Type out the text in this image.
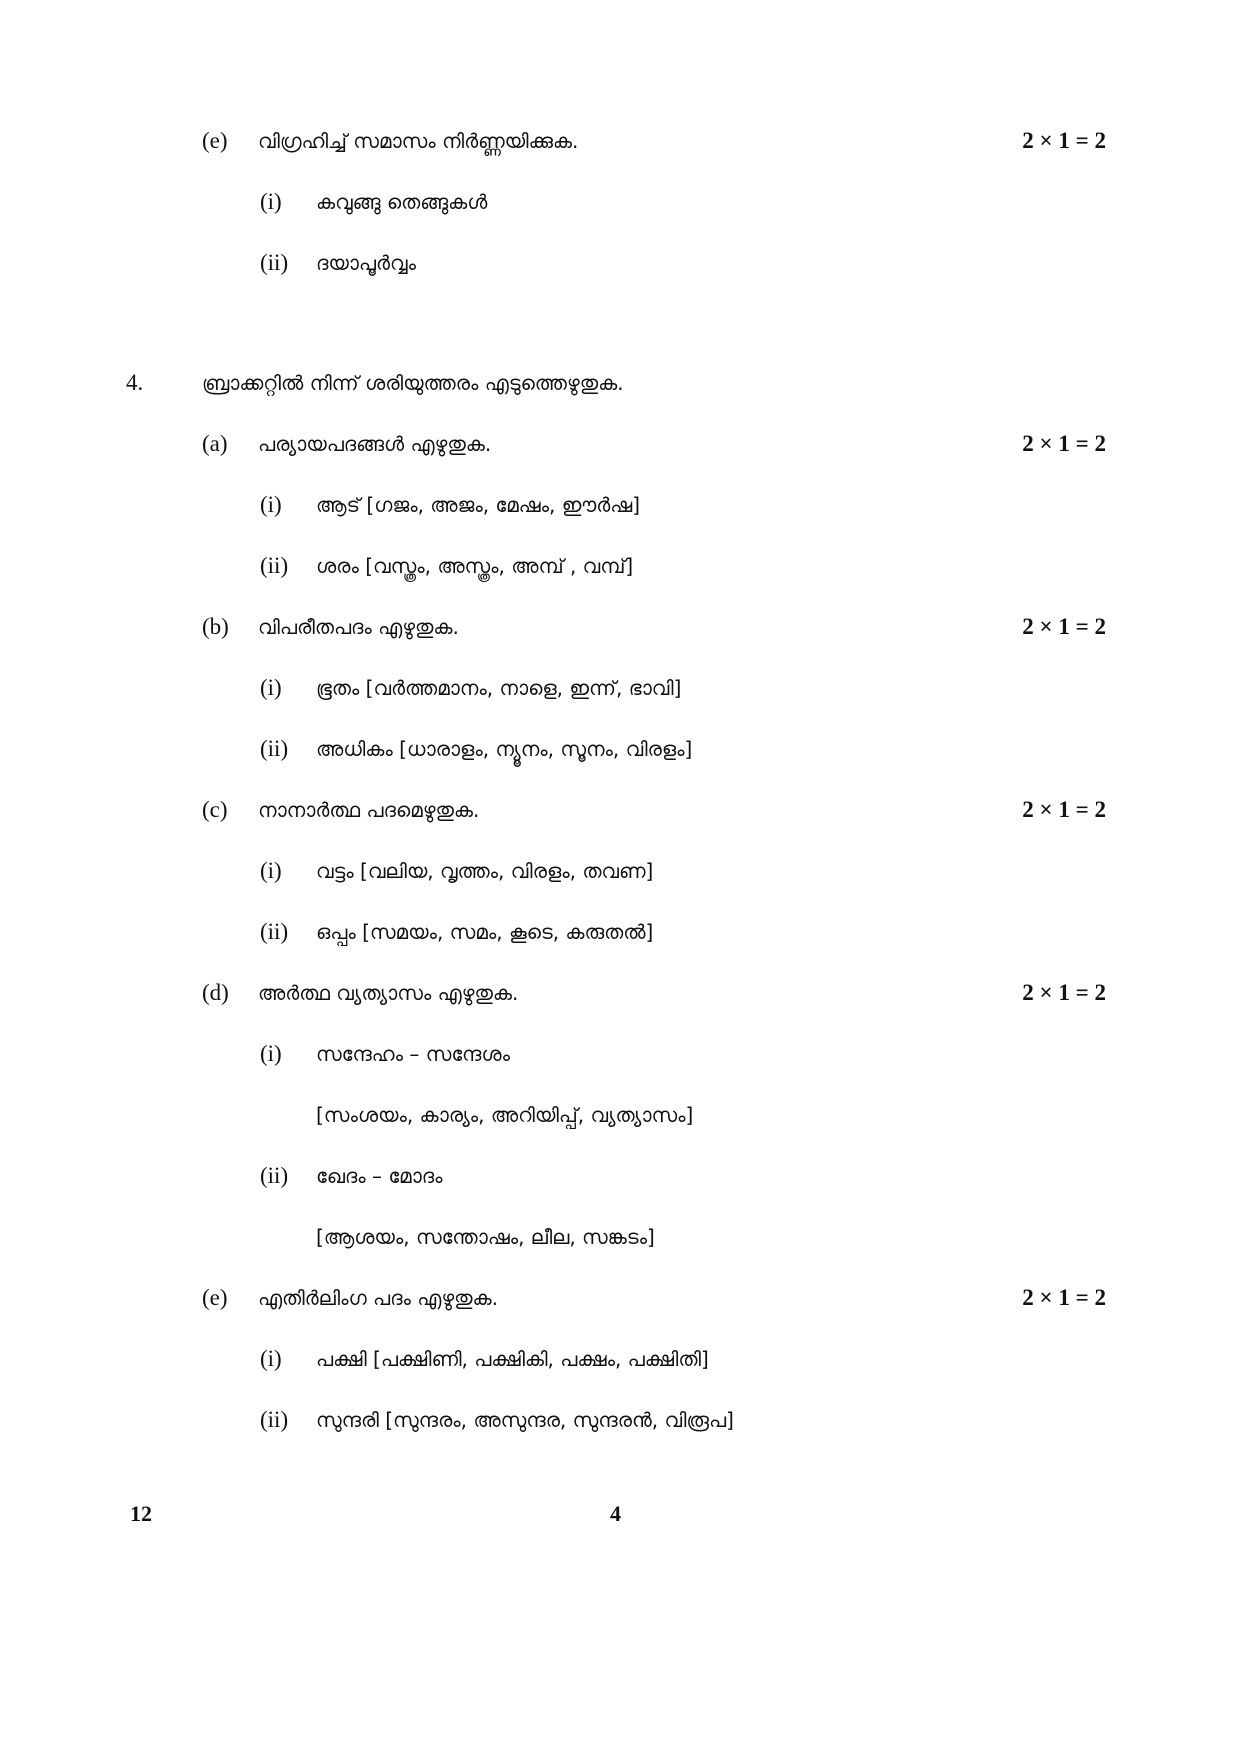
(e) വിഗ്രഹിച്ച് സമാസം നിർണ്ണയിക്കുക.	2 × 1 = 2
(i) കവുങ്ങു തെങ്ങുകൾ
(ii) ദയാപൂർവ്വം
4.	ബ്രാക്കറ്റിൽ നിന്ന് ശരിയുത്തരം എടുത്തെഴുതുക.
(a) പര്യായപദങ്ങൾ എഴുതുക.	2 × 1 = 2
(i) ആട് [ഗജം, അജം, മേഷം, ഈർഷ]
(ii) ശരം [വസ്ത്രം, അസ്ത്രം, അമ്പ് , വമ്പ്]
(b) വിപരീതപദം എഴുതുക.	2 × 1 = 2
(i) ഭൂതം [വർത്തമാനം, നാളെ, ഇന്ന്, ഭാവി]
(ii) അധികം [ധാരാളം, ന്യൂനം, സൂനം, വിരളം]
(c) നാനാർത്ഥ പദമെഴുതുക.	2 × 1 = 2
(i) വട്ടം [വലിയ, വൃത്തം, വിരളം, തവണ]
(ii) ഒപ്പം [സമയം, സമം, കൂടെ, കരുതൽ]
(d) അർത്ഥ വ്യത്യാസം എഴുതുക.	2 × 1 = 2
(i) സന്ദേഹം – സന്ദേശം
[സംശയം, കാര്യം, അറിയിപ്പ്, വ്യത്യാസം]
(ii) ഖേദം – മോദം
[ആശയം, സന്തോഷം, ലീല, സങ്കടം]
(e) എതിർലിംഗ പദം എഴുതുക.	2 × 1 = 2
(i) പക്ഷി [പക്ഷിണി, പക്ഷികി, പക്ഷം, പക്ഷിതി]
(ii) സുന്ദരി [സുന്ദരം, അസുന്ദര, സുന്ദരൻ, വിരൂപ]
12	4
